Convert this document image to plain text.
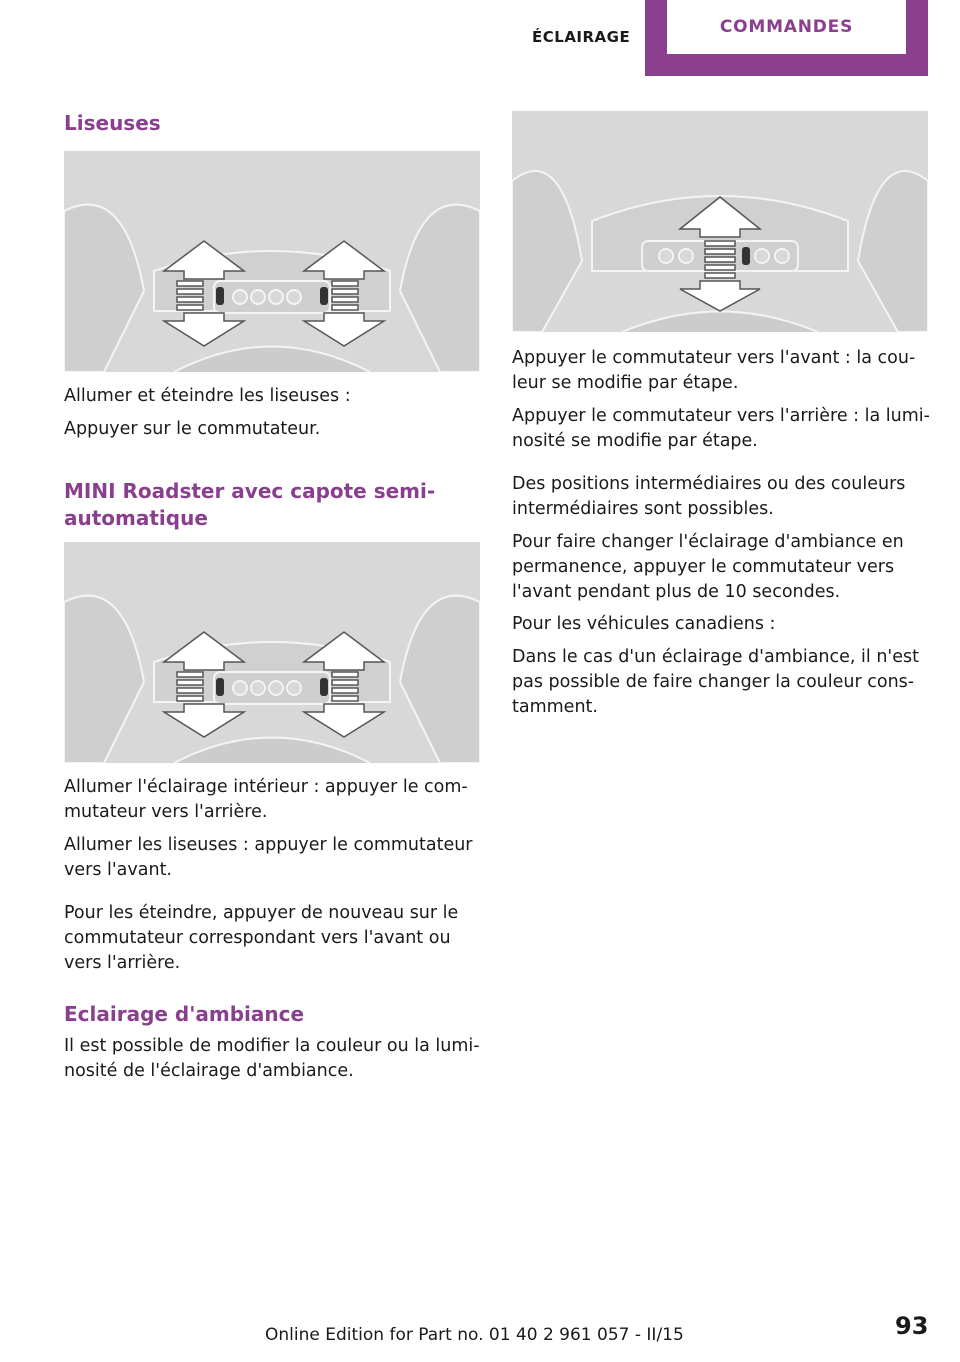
ÉCLAIRAGE	COMMANDES
Liseuses

Allumer et éteindre les liseuses :

Appuyer sur le commutateur.

MINI Roadster avec capote semi‐
automatique

Allumer l'éclairage intérieur : appuyer le com‐

mutateur vers l'arrière.

Allumer les liseuses : appuyer le commutateur

vers l'avant.

Pour les éteindre, appuyer de nouveau sur le

commutateur correspondant vers l'avant ou

vers l'arrière.

Eclairage d'ambiance

Il est possible de modifier la couleur ou la lumi‐

nosité de l'éclairage d'ambiance.

Appuyer le commutateur vers l'avant : la cou‐

leur se modifie par étape.

Appuyer le commutateur vers l'arrière : la lumi‐

nosité se modifie par étape.

Des positions intermédiaires ou des couleurs

intermédiaires sont possibles.

Pour faire changer l'éclairage d'ambiance en

permanence, appuyer le commutateur vers

l'avant pendant plus de 10 secondes.

Pour les véhicules canadiens :

Dans le cas d'un éclairage d'ambiance, il n'est

pas possible de faire changer la couleur cons‐

tamment.

Online Edition for Part no. 01 40 2 961 057 - II/15	93
